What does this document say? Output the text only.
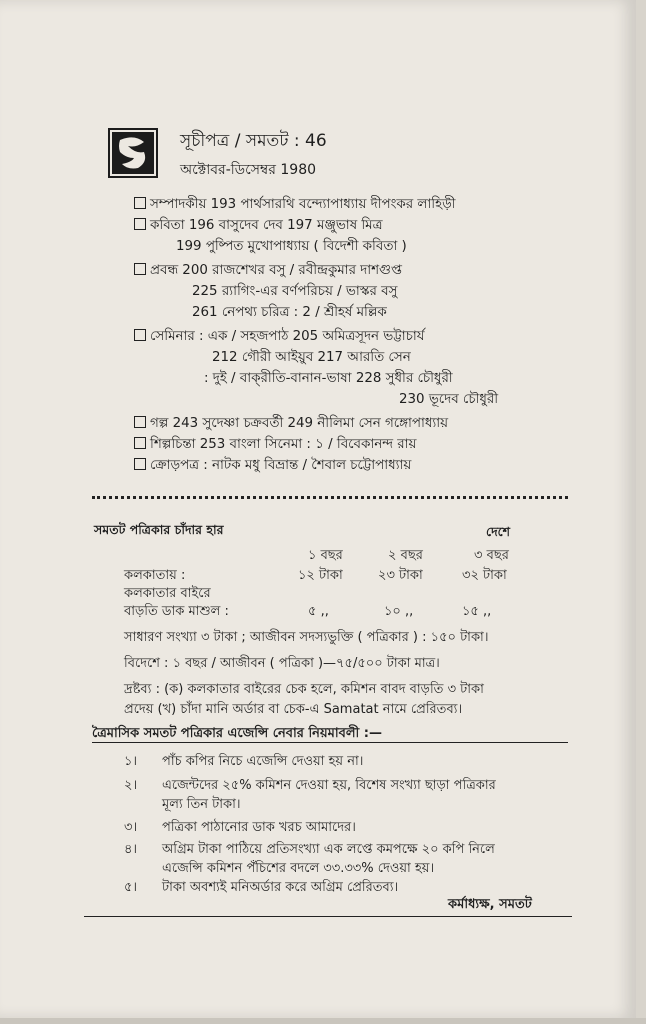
সূচীপত্র / সমতট : 46
অক্টোবর-ডিসেম্বর 1980
সম্পাদকীয় 193 পার্থসারথি বন্দ্যোপাধ্যায় দীপংকর লাহিড়ী
কবিতা 196 বাসুদেব দেব 197 মঞ্জুভাষ মিত্র
199 পুষ্পিত মুখোপাধ্যায় ( বিদেশী কবিতা )
প্রবন্ধ 200 রাজশেখর বসু / রবীন্দ্রকুমার দাশগুপ্ত
225 র‍্যাগিং-এর বর্ণপরিচয় / ভাস্কর বসু
261 নেপথ্য চরিত্র : 2 / শ্রীহর্ষ মল্লিক
সেমিনার : এক / সহজপাঠ 205 অমিত্রসূদন ভট্টাচার্য
212 গৌরী আইয়ুব 217 আরতি সেন
: দুই / বাক্‌রীতি-বানান-ভাষা 228 সুধীর চৌধুরী
230 ভূদেব চৌধুরী
গল্প 243 সুদেষ্ণা চক্রবর্তী 249 নীলিমা সেন গঙ্গোপাধ্যায়
শিল্পচিন্তা 253 বাংলা সিনেমা : ১ / বিবেকানন্দ রায়
ক্রোড়পত্র : নাটক মধু বিভ্রান্ত / শৈবাল চট্টোপাধ্যায়
সমতট পত্রিকার চাঁদার হার	দেশে
১ বছর	২ বছর	৩ বছর
কলকাতায় :	১২ টাকা	২৩ টাকা	৩২ টাকা
কলকাতার বাইরে
বাড়তি ডাক মাশুল :	৫ ,,	১০ ,,	১৫ ,,
সাধারণ সংখ্যা ৩ টাকা ; আজীবন সদস্যভুক্তি ( পত্রিকার ) : ১৫০ টাকা।
বিদেশে : ১ বছর / আজীবন ( পত্রিকা )—৭৫/৫০০ টাকা মাত্র।
দ্রষ্টব্য : (ক) কলকাতার বাইরের চেক হলে, কমিশন বাবদ বাড়তি ৩ টাকা
প্রদেয় (খ) চাঁদা মানি অর্ডার বা চেক-এ Samatat নামে প্রেরিতব্য।
ত্রৈমাসিক সমতট পত্রিকার এজেন্সি নেবার নিয়মাবলী :—
১। পাঁচ কপির নিচে এজেন্সি দেওয়া হয় না।
২। এজেন্টদের ২৫% কমিশন দেওয়া হয়, বিশেষ সংখ্যা ছাড়া পত্রিকার
মূল্য তিন টাকা।
৩। পত্রিকা পাঠানোর ডাক খরচ আমাদের।
৪। অগ্রিম টাকা পাঠিয়ে প্রতিসংখ্যা এক লপ্তে কমপক্ষে ২০ কপি নিলে
এজেন্সি কমিশন পঁচিশের বদলে ৩৩.৩৩% দেওয়া হয়।
৫। টাকা অবশ্যই মনিঅর্ডার করে অগ্রিম প্রেরিতব্য।
কর্মাধ্যক্ষ, সমতট
